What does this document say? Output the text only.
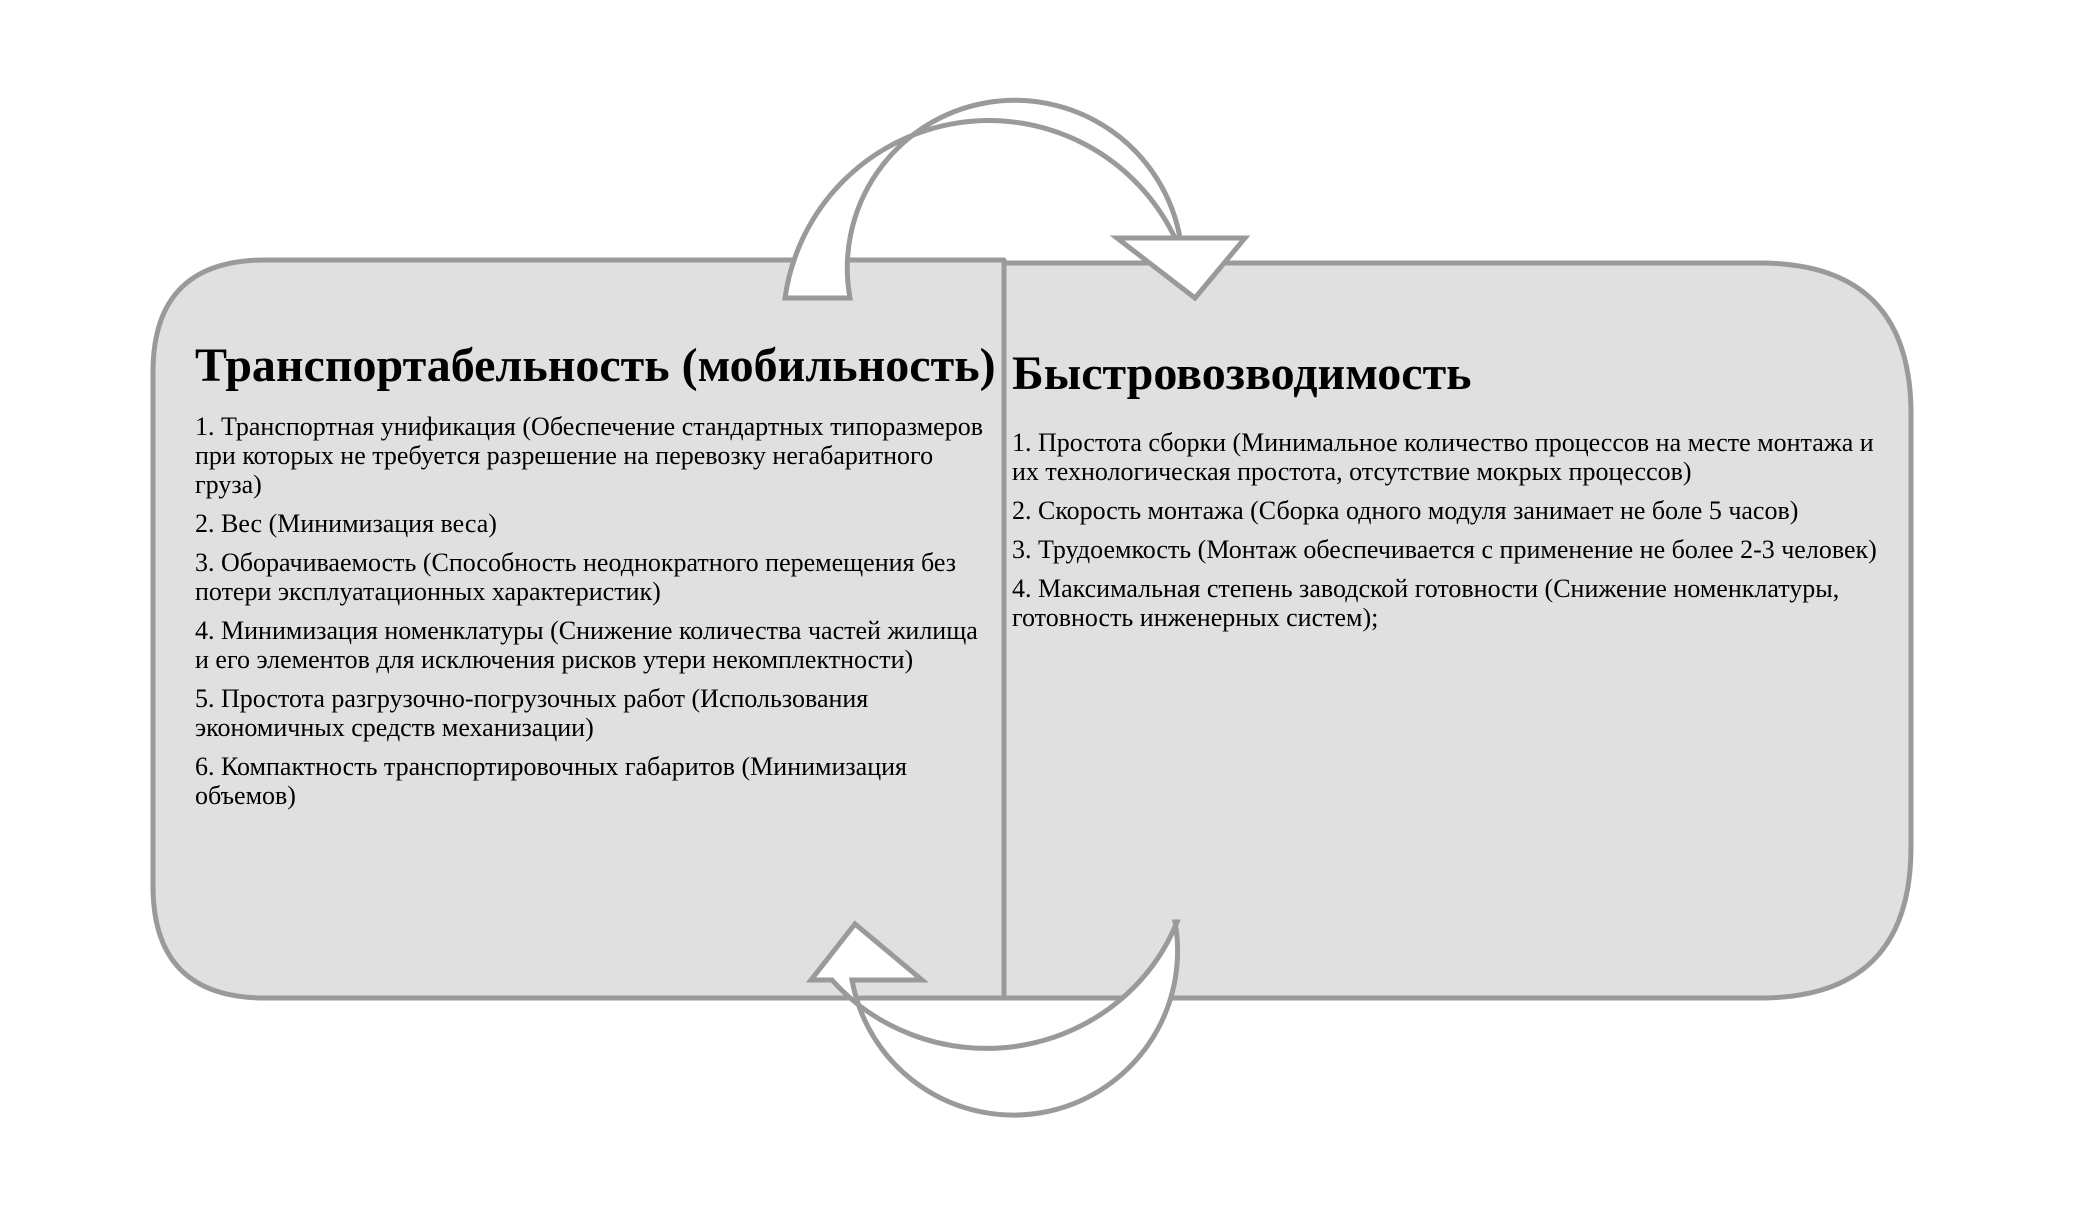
Транспортабельность (мобильность)
1. Транспортная унификация (Обеспечение стандартных типоразмеров при которых не требуется разрешение на перевозку негабаритного груза)
2. Вес (Минимизация веса)
3. Оборачиваемость (Способность неоднократного перемещения без потери эксплуатационных характеристик)
4. Минимизация номенклатуры (Снижение количества частей жилища и его элементов для исключения рисков утери некомплектности)
5. Простота разгрузочно-погрузочных работ (Использования экономичных средств механизации)
6. Компактность транспортировочных габаритов (Минимизация объемов)
Быстровозводимость
1. Простота сборки (Минимальное количество процессов на месте монтажа и их технологическая простота, отсутствие мокрых процессов)
2. Скорость монтажа (Сборка одного модуля занимает не боле 5 часов)
3. Трудоемкость (Монтаж обеспечивается с применение не более 2-3 человек)
4. Максимальная степень заводской готовности (Снижение номенклатуры, готовность инженерных систем);
